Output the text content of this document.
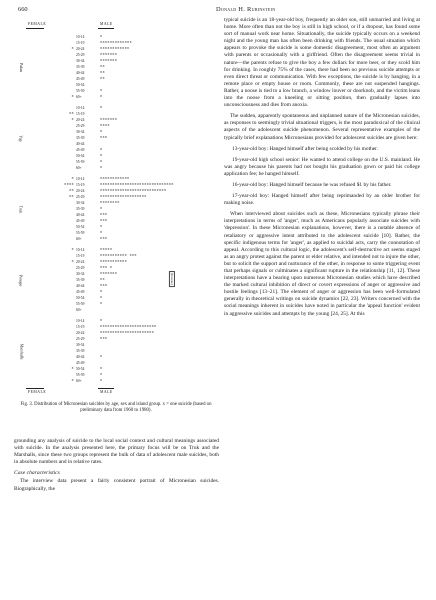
660	Donald H. Rubinstein
FEMALE	MALE
Palau
10-14	x
15-19	xxxxxxxxxxxxx
x 20-24	xxxxxxxxxxxx
25-29	xxxxxxx
30-34	xxxxxxx
35-39	xx
40-44	xx
45-49	xx
50-54
55-59	x
x 60+	x
Yap
10-14	x
xx 15-19
x 20-24	xxxxxxx
25-29	xxxx
30-34	x
35-39	xxx
40-44
45-49	x
50-54	x
55-59	x
60+	x
Truk
x 10-14	xxxxxxxxxxxx
xxxx 15-19	xxxxxxxxxxxxxxxxxxxxxxxxxxxxxx
xx 20-24	xxxxxxxxxxxxxxxxxxxxxxxxxxx
xx 25-29	xxxxxxxxxxxxxxxxxxx
30-34	xxxxxxxx
35-39	x
40-44	xxx
45-49	xxx
50-54	x
55-59	x
60+	xxx
Ponape
x 10-14	xxxxx
15-19	xxxxxxxxxxx xxx
x 20-24	xxxxxxxxxxx
25-29	xxx x
30-34	xxxxxxx
35-39	xx
40-44	xxx
45-49	x
50-54	x
55-59	x
60+
(Kosrae)
Marshalls
10-14	x
15-19	xxxxxxxxxxxxxxxxxxxxxxx
20-24	xxxxxxxxxxxxxxxxxxxxxx
25-29	xxx
30-34
35-39
40-44	x
45-49
x 50-54	x
55-59	x
x 60+	x
FEMALE	MALE
Fig. 3. Distribution of Micronesian suicides by age, sex and island group. x = one suicide (based on preliminary data from 1960 to 1980).

grounding any analysis of suicide to the local social context and cultural meanings associated with suicide. In the analysis presented here, the primary focus will be on Truk and the Marshalls, since these two groups represent the bulk of data of adolescent male suicides, both in absolute numbers and in relative rates.

Case characteristics

The interview data present a fairly consistent portrait of Micronesian suicides. Biographically, the

typical suicide is an 18-year-old boy, frequently an older son, still unmarried and living at home. More often than not the boy is still in high school, or if a dropout, has found some sort of manual work near home. Situationally, the suicide typically occurs on a weekend night and the young man has often been drinking with friends. The usual situation which appears to provoke the suicide is some domestic disagreement, most often an argument with parents or occasionally with a girlfriend. Often the disagreement seems trivial in nature—the parents refuse to give the boy a few dollars for more beer, or they scold him for drinking. In roughly 75% of the cases, there had been no previous suicide attempts or even direct threat or communication. With few exceptions, the suicide is by hanging, in a remote place or empty house or room. Commonly, these are not suspended hangings. Rather, a noose is tied to a low branch, a window louver or doorknob, and the victim leans into the noose from a kneeling or sitting position, then gradually lapses into unconsciousness and dies from anoxia.

The sudden, apparently spontaneous and unplanned nature of the Micronesian suicides, as responses to seemingly trivial situational triggers, is the most paradoxical of the clinical aspects of the adolescent suicide phenomenon. Several representative examples of the typically brief explanations Micronesians provided for adolescent suicides are given here:

13-year-old boy: Hanged himself after being scolded by his mother.

19-year-old high school senior: He wanted to attend college on the U.S. mainland. He was angry because his parents had not bought his graduation gown or paid his college application fee; he hanged himself.

16-year-old boy: Hanged himself because he was refused $1 by his father.

17-year-old boy: Hanged himself after being reprimanded by an older brother for making noise.

When interviewed about suicides such as these, Micronesians typically phrase their interpretations in terms of 'anger', much as Americans popularly associate suicides with 'depression'. In these Micronesian explanations, however, there is a notable absence of retaliatory or aggressive intent attributed to the adolescent suicide [10]. Rather, the specific indigenous terms for 'anger', as applied to suicidal acts, carry the connotation of appeal. According to this cultural logic, the adolescent's self-destructive act seems staged as an angry protest against the parent or elder relative, and intended not to injure the other, but to solicit the support and nurturance of the other, in response to some triggering event that perhaps signals or culminates a significant rupture in the relationship [11, 12]. These interpretations have a bearing upon numerous Micronesian studies which have described the marked cultural inhibition of direct or covert expressions of anger or aggressive and hostile feelings [13–21]. The element of anger or aggression has been well-formulated generally in theoretical writings on suicide dynamics [22, 23]. Writers concerned with the social meanings inherent in suicides have noted in particular the 'appeal function' evident in aggressive suicides and attempts by the young [24, 25]. At this
